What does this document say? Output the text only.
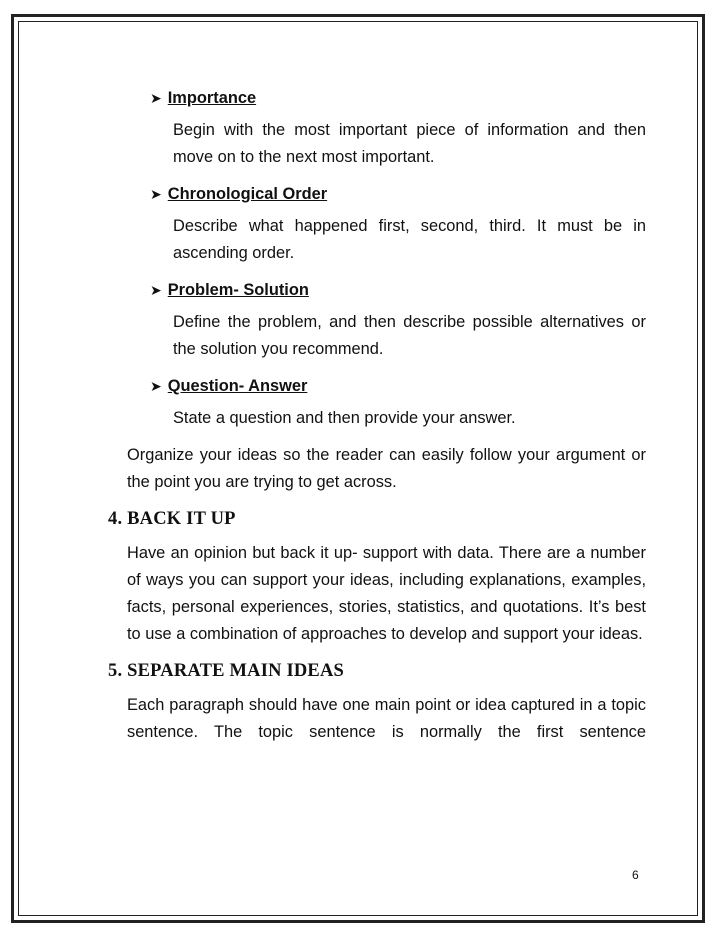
➤ Importance
Begin with the most important piece of information and then move on to the next most important.
➤ Chronological Order
Describe what happened first, second, third. It must be in ascending order.
➤ Problem- Solution
Define the problem, and then describe possible alternatives or the solution you recommend.
➤ Question- Answer
State a question and then provide your answer.
Organize your ideas so the reader can easily follow your argument or the point you are trying to get across.
4. BACK IT UP
Have an opinion but back it up- support with data. There are a number of ways you can support your ideas, including explanations, examples, facts, personal experiences, stories, statistics, and quotations. It’s best to use a combination of approaches to develop and support your ideas.
5. SEPARATE MAIN IDEAS
Each paragraph should have one main point or idea captured in a topic sentence. The topic sentence is normally the first sentence
6
